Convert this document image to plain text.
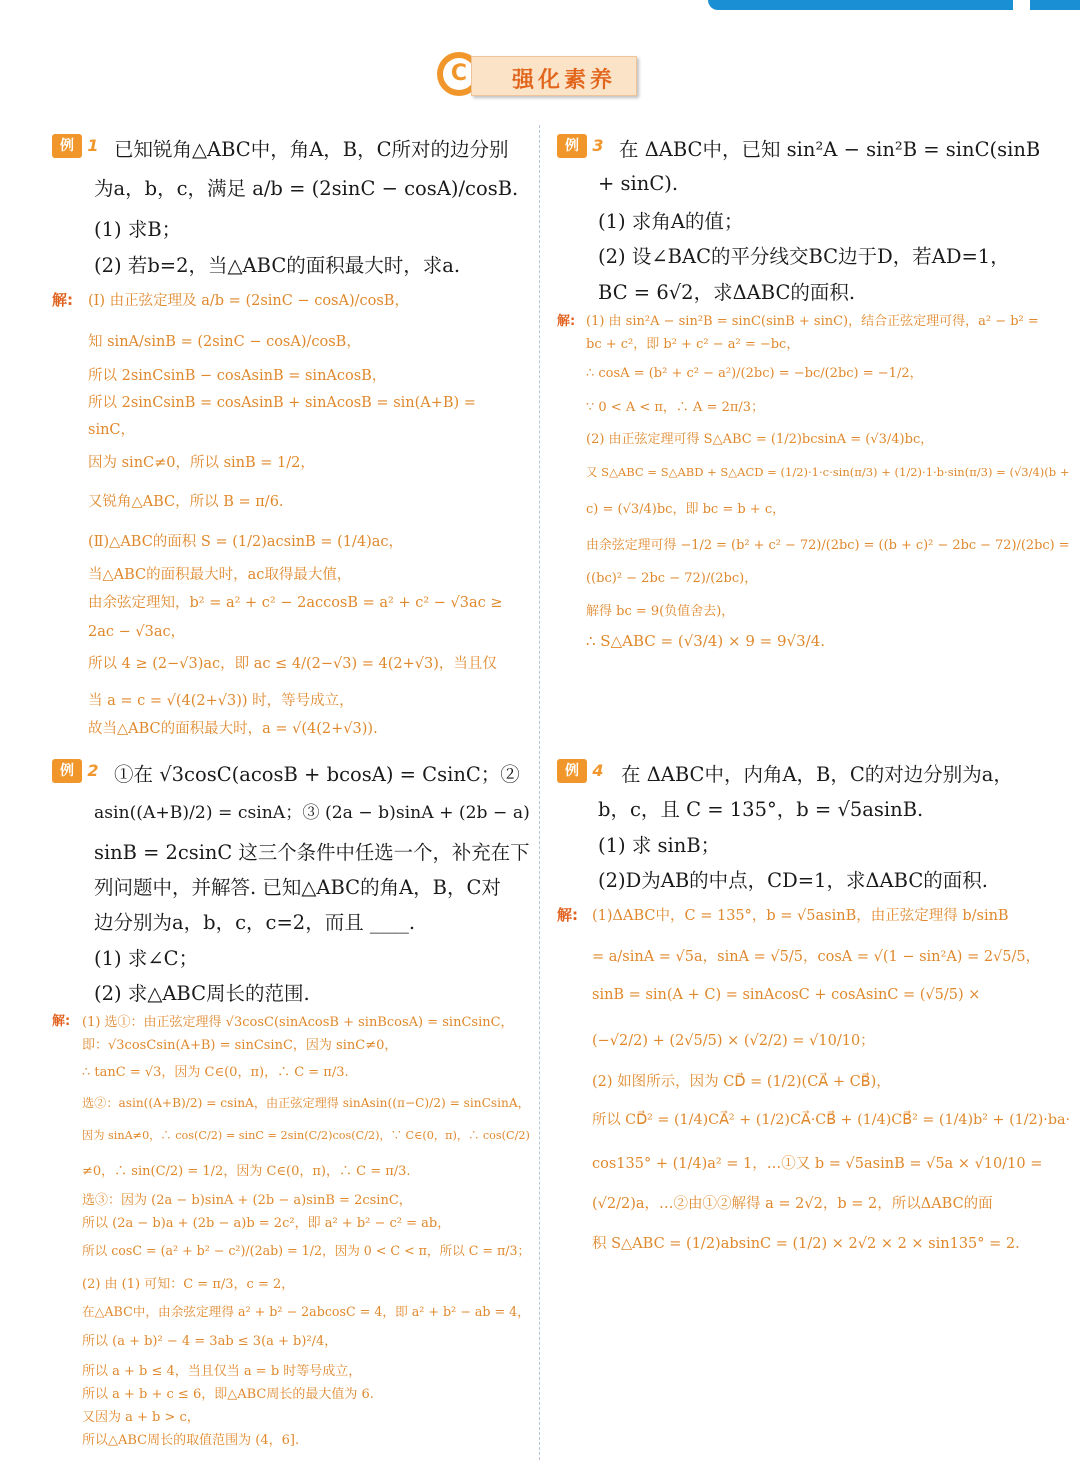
C	强化素养
例 1 已知锐角△ABC中，角A，B，C所对的边分别
为a，b，c，满足 a/b = (2sinC − cosA)/cosB.
(1) 求B；
(2) 若b=2，当△ABC的面积最大时，求a.
解: (Ⅰ) 由正弦定理及 a/b = (2sinC − cosA)/cosB，
知 sinA/sinB = (2sinC − cosA)/cosB，
所以 2sinCsinB − cosAsinB = sinAcosB，
所以 2sinCsinB = cosAsinB + sinAcosB = sin(A+B) =
sinC，
因为 sinC≠0，所以 sinB = 1/2，
又锐角△ABC，所以 B = π/6.
(Ⅱ)△ABC的面积 S = (1/2)acsinB = (1/4)ac，
当△ABC的面积最大时，ac取得最大值，
由余弦定理知，b² = a² + c² − 2accosB = a² + c² − √3ac ≥
2ac − √3ac，
所以 4 ≥ (2−√3)ac，即 ac ≤ 4/(2−√3) = 4(2+√3)，当且仅
当 a = c = √(4(2+√3)) 时，等号成立，
故当△ABC的面积最大时，a = √(4(2+√3)).
例 2 ①在 √3cosC(acosB + bcosA) = CsinC；②
asin((A+B)/2) = csinA；③ (2a − b)sinA + (2b − a)
sinB = 2csinC 这三个条件中任选一个，补充在下
列问题中，并解答. 已知△ABC的角A，B，C对
边分别为a，b，c，c=2，而且 ____.
(1) 求∠C；
(2) 求△ABC周长的范围.
解: (1) 选①：由正弦定理得 √3cosC(sinAcosB + sinBcosA) = sinCsinC，
即：√3cosCsin(A+B) = sinCsinC，因为 sinC≠0，
∴ tanC = √3，因为 C∈(0，π)，∴ C = π/3.
选②：asin((A+B)/2) = csinA，由正弦定理得 sinAsin((π−C)/2) = sinCsinA，
因为 sinA≠0，∴ cos(C/2) = sinC = 2sin(C/2)cos(C/2)，∵ C∈(0，π)，∴ cos(C/2)
≠0，∴ sin(C/2) = 1/2，因为 C∈(0，π)，∴ C = π/3.
选③：因为 (2a − b)sinA + (2b − a)sinB = 2csinC，
所以 (2a − b)a + (2b − a)b = 2c²，即 a² + b² − c² = ab，
所以 cosC = (a² + b² − c²)/(2ab) = 1/2，因为 0 < C < π，所以 C = π/3；
(2) 由 (1) 可知：C = π/3，c = 2，
在△ABC中，由余弦定理得 a² + b² − 2abcosC = 4，即 a² + b² − ab = 4，
所以 (a + b)² − 4 = 3ab ≤ 3(a + b)²/4，
所以 a + b ≤ 4，当且仅当 a = b 时等号成立，
所以 a + b + c ≤ 6，即△ABC周长的最大值为 6.
又因为 a + b > c，
所以△ABC周长的取值范围为 (4，6].
例 3 在 ΔABC中，已知 sin²A − sin²B = sinC(sinB
+ sinC).
(1) 求角A的值；
(2) 设∠BAC的平分线交BC边于D，若AD=1，
BC = 6√2，求ΔABC的面积.
解: (1) 由 sin²A − sin²B = sinC(sinB + sinC)，结合正弦定理可得，a² − b² =
bc + c²，即 b² + c² − a² = −bc，
∴ cosA = (b² + c² − a²)/(2bc) = −bc/(2bc) = −1/2，
∵ 0 < A < π，∴ A = 2π/3；
(2) 由正弦定理可得 S△ABC = (1/2)bcsinA = (√3/4)bc，
又 S△ABC = S△ABD + S△ACD = (1/2)·1·c·sin(π/3) + (1/2)·1·b·sin(π/3) = (√3/4)(b +
c) = (√3/4)bc，即 bc = b + c，
由余弦定理可得 −1/2 = (b² + c² − 72)/(2bc) = ((b + c)² − 2bc − 72)/(2bc) =
((bc)² − 2bc − 72)/(2bc)，
解得 bc = 9(负值舍去)，
∴ S△ABC = (√3/4) × 9 = 9√3/4.
例 4 在 ΔABC中，内角A，B，C的对边分别为a，
b，c，且 C = 135°，b = √5asinB.
(1) 求 sinB；
(2)D为AB的中点，CD=1，求ΔABC的面积.
解: (1)ΔABC中，C = 135°，b = √5asinB，由正弦定理得 b/sinB
= a/sinA = √5a，sinA = √5/5，cosA = √(1 − sin²A) = 2√5/5，
sinB = sin(A + C) = sinAcosC + cosAsinC = (√5/5) ×
(−√2/2) + (2√5/5) × (√2/2) = √10/10；
(2) 如图所示，因为 CD⃗ = (1/2)(CA⃗ + CB⃗)，
所以 CD⃗² = (1/4)CA⃗² + (1/2)CA⃗·CB⃗ + (1/4)CB⃗² = (1/4)b² + (1/2)·ba·
cos135° + (1/4)a² = 1，…①又 b = √5asinB = √5a × √10/10 =
(√2/2)a，…②由①②解得 a = 2√2，b = 2，所以ΔABC的面
积 S△ABC = (1/2)absinC = (1/2) × 2√2 × 2 × sin135° = 2.
